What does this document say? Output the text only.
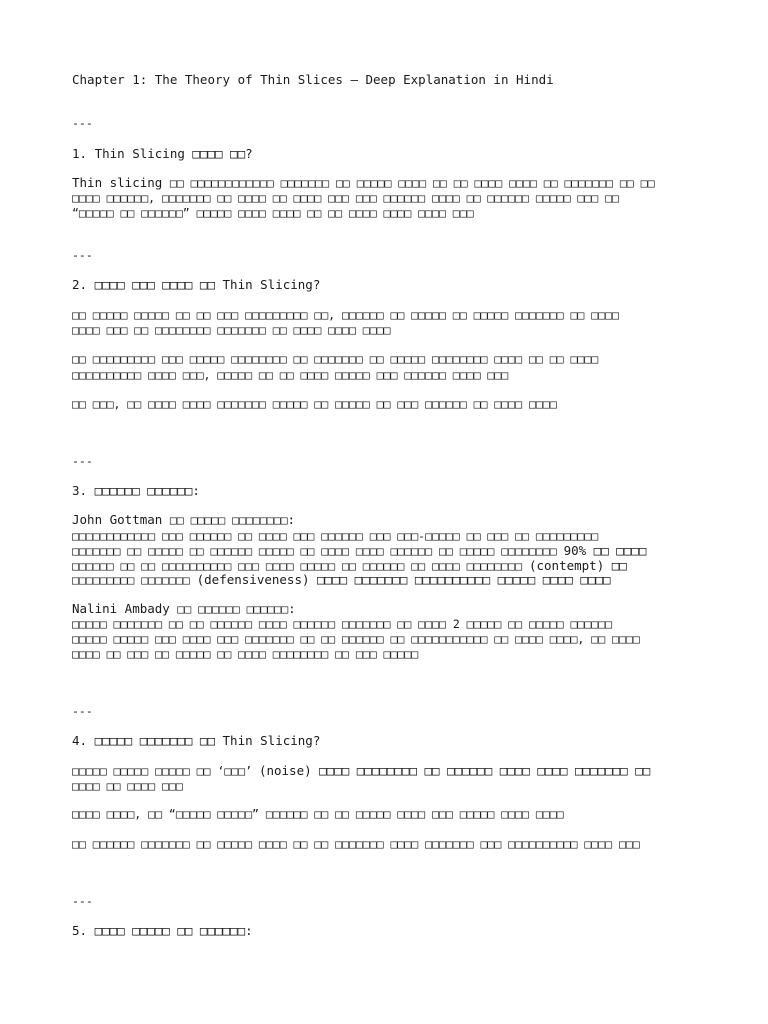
Chapter 1: The Theory of Thin Slices – Deep Explanation in Hindi

---

1. Thin Slicing □□□□ □□?

Thin slicing □□ □□□□□□□□□□□□ □□□□□□□ □□ □□□□□ □□□□ □□ □□ □□□□ □□□□ □□ □□□□□□□ □□ □□

□□□□ □□□□□□, □□□□□□□ □□ □□□□ □□ □□□□ □□□ □□□ □□□□□□ □□□□ □□ □□□□□□ □□□□□ □□□ □□

“□□□□□ □□ □□□□□□” □□□□□ □□□□ □□□□ □□ □□ □□□□ □□□□ □□□□ □□□

---

2. □□□□ □□□ □□□□ □□ Thin Slicing?

□□ □□□□□ □□□□□ □□ □□ □□□ □□□□□□□□□ □□, □□□□□□ □□ □□□□□ □□ □□□□□ □□□□□□□ □□ □□□□

□□□□ □□□ □□ □□□□□□□□ □□□□□□□ □□ □□□□ □□□□ □□□□

□□ □□□□□□□□□ □□□ □□□□□ □□□□□□□□ □□ □□□□□□□ □□ □□□□□ □□□□□□□□ □□□□ □□ □□ □□□□

□□□□□□□□□□ □□□□ □□□, □□□□□ □□ □□ □□□□ □□□□□ □□□ □□□□□□ □□□□ □□□

□□ □□□, □□ □□□□ □□□□ □□□□□□□ □□□□□ □□ □□□□□ □□ □□□ □□□□□□ □□ □□□□ □□□□

---

3. □□□□□□ □□□□□□:

John Gottman □□ □□□□□ □□□□□□□□:

□□□□□□□□□□□□ □□□ □□□□□□ □□ □□□□ □□□ □□□□□□ □□□ □□□-□□□□□ □□ □□□ □□ □□□□□□□□□

□□□□□□□ □□ □□□□□ □□ □□□□□□ □□□□□ □□ □□□□ □□□□ □□□□□□ □□ □□□□□ □□□□□□□□ 90% □□ □□□□

□□□□□□ □□ □□ □□□□□□□□□□ □□□ □□□□ □□□□□ □□ □□□□□□ □□ □□□□ □□□□□□□□ (contempt) □□

□□□□□□□□□ □□□□□□□ (defensiveness) □□□□ □□□□□□□ □□□□□□□□□□ □□□□□ □□□□ □□□□

Nalini Ambady □□ □□□□□□ □□□□□□:

□□□□□ □□□□□□□ □□ □□ □□□□□□ □□□□ □□□□□□ □□□□□□□ □□ □□□□ 2 □□□□□ □□ □□□□□ □□□□□□

□□□□□ □□□□□ □□□ □□□□ □□□ □□□□□□□ □□ □□ □□□□□□ □□ □□□□□□□□□□□ □□ □□□□ □□□□, □□ □□□□

□□□□ □□ □□□ □□ □□□□□ □□ □□□□ □□□□□□□□ □□ □□□ □□□□□

---

4. □□□□□ □□□□□□□ □□ Thin Slicing?

□□□□□ □□□□□ □□□□□ □□ ‘□□□’ (noise) □□□□ □□□□□□□□ □□ □□□□□□ □□□□ □□□□ □□□□□□□ □□

□□□□ □□ □□□□ □□□

□□□□ □□□□, □□ “□□□□□ □□□□□” □□□□□□ □□ □□ □□□□□ □□□□ □□□ □□□□□ □□□□ □□□□

□□ □□□□□□ □□□□□□□ □□ □□□□□ □□□□ □□ □□ □□□□□□□ □□□□ □□□□□□□ □□□ □□□□□□□□□□ □□□□ □□□

---

5. □□□□ □□□□□ □□ □□□□□□:
